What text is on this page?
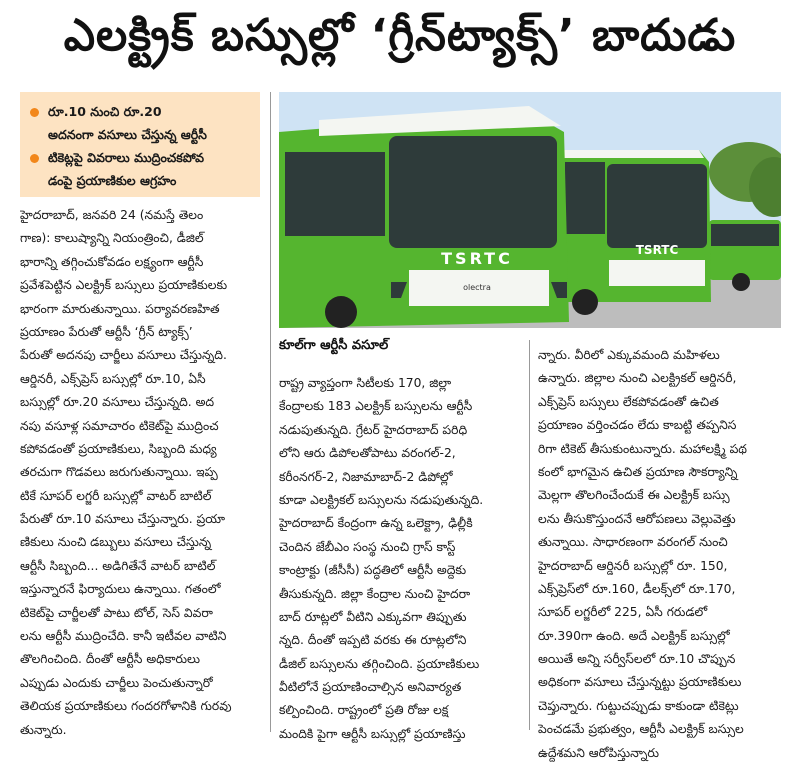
ఎలక్ట్రిక్ బస్సుల్లో ‘గ్రీన్‌ట్యాక్స్’ బాదుడు
రూ.10 నుంచి రూ.20
అదనంగా వసూలు చేస్తున్న ఆర్టీసీ
టికెట్లపై వివరాలు ముద్రించకపోవ
డంపై ప్రయాణికుల ఆగ్రహం
TSRTC
TSRTC
olectra
హైదరాబాద్, జనవరి 24 (నమస్తే తెలం
గాణ): కాలుష్యాన్ని నియంత్రించి, డీజిల్
భారాన్ని తగ్గించుకోవడం లక్ష్యంగా ఆర్టీసీ
ప్రవేశపెట్టిన ఎలక్ట్రిక్ బస్సులు ప్రయాణికులకు
భారంగా మారుతున్నాయి. పర్యావరణహిత
ప్రయాణం పేరుతో ఆర్టీసీ ‘గ్రీన్ ట్యాక్స్’
పేరుతో అదనపు చార్జీలు వసూలు చేస్తున్నది.
ఆర్డినరీ, ఎక్స్‌ప్రెస్ బస్సుల్లో రూ.10, ఏసీ
బస్సుల్లో రూ.20 వసూలు చేస్తున్నది. అద
నపు వసూళ్ల సమాచారం టికెట్‌పై ముద్రించ
కపోవడంతో ప్రయాణికులు, సిబ్బంది మధ్య
తరచుగా గొడవలు జరుగుతున్నాయి. ఇప్ప
టికే సూపర్ లగ్జరీ బస్సుల్లో వాటర్ బాటిల్
పేరుతో రూ.10 వసూలు చేస్తున్నారు. ప్రయా
ణికులు నుంచి డబ్బులు వసూలు చేస్తున్న
ఆర్టీసీ సిబ్బంది... అడిగితేనే వాటర్ బాటిల్
ఇస్తున్నారనే ఫిర్యాదులు ఉన్నాయి. గతంలో
టికెట్‌పై చార్జీలతో పాటు టోల్, సెస్ వివరా
లను ఆర్టీసీ ముద్రించేది. కానీ ఇటీవల వాటిని
తొలగించింది. దీంతో ఆర్టీసీ అధికారులు
ఎప్పుడు ఎందుకు చార్జీలు పెంచుతున్నారో
తెలియక ప్రయాణికులు గందరగోళానికి గురవు
తున్నారు.
కూల్‌గా ఆర్టీసీ వసూల్
రాష్ట్ర వ్యాప్తంగా సిటీలకు 170, జిల్లా
కేంద్రాలకు 183 ఎలక్ట్రిక్ బస్సులను ఆర్టీసీ
నడుపుతున్నది. గ్రేటర్ హైదరాబాద్ పరిధి
లోని ఆరు డిపోలతోపాటు వరంగల్-2,
కరీంనగర్-2, నిజామాబాద్-2 డిపోల్లో
కూడా ఎలక్ట్రికల్ బస్సులను నడుపుతున్నది.
హైదరాబాద్ కేంద్రంగా ఉన్న ఒలెక్ట్రా, ఢిల్లీకి
చెందిన జేబీఎం సంస్థ నుంచి గ్రాస్ కాస్ట్
కాంట్రాక్టు (జీసీసీ) పద్ధతిలో ఆర్టీసీ అద్దెకు
తీసుకున్నది. జిల్లా కేంద్రాల నుంచి హైదరా
బాద్ రూట్లలో వీటిని ఎక్కువగా తిప్పుతు
న్నది. దీంతో ఇప్పటి వరకు ఈ రూట్లలోని
డీజిల్ బస్సులను తగ్గించింది. ప్రయాణికులు
వీటిలోనే ప్రయాణించాల్సిన అనివార్యత
కల్పించింది. రాష్ట్రంలో ప్రతి రోజు లక్ష
మందికి పైగా ఆర్టీసీ బస్సుల్లో ప్రయాణిస్తు
న్నారు. వీరిలో ఎక్కువమంది మహిళలు
ఉన్నారు. జిల్లాల నుంచి ఎలక్ట్రికల్ ఆర్డినరీ,
ఎక్స్‌ప్రెస్ బస్సులు లేకపోవడంతో ఉచిత
ప్రయాణం వర్తించడం లేదు కాబట్టి తప్పనిస
రిగా టికెట్ తీసుకుంటున్నారు. మహాలక్ష్మి పథ
కంలో భాగమైన ఉచిత ప్రయాణ సౌకర్యాన్ని
మెల్లగా తొలగించేందుకే ఈ ఎలక్ట్రిక్ బస్సు
లను తీసుకొస్తుందనే ఆరోపణలు వెల్లువెత్తు
తున్నాయి. సాధారణంగా వరంగల్ నుంచి
హైదరాబాద్ ఆర్డినరీ బస్సుల్లో రూ. 150,
ఎక్స్‌ప్రెస్‌లో రూ.160, డీలక్స్‌లో రూ.170,
సూపర్ లగ్జరీలో 225, ఏసీ గరుడలో
రూ.390గా ఉంది. అదే ఎలక్ట్రిక్ బస్సుల్లో
అయితే అన్ని సర్వీస్‌లలో రూ.10 చొప్పున
అధికంగా వసూలు చేస్తున్నట్టు ప్రయాణికులు
చెప్తున్నారు. గుట్టుచప్పుడు కాకుండా టికెట్లు
పెంచడమే ప్రభుత్వం, ఆర్టీసీ ఎలక్ట్రిక్ బస్సుల
ఉద్దేశమని ఆరోపిస్తున్నారు
